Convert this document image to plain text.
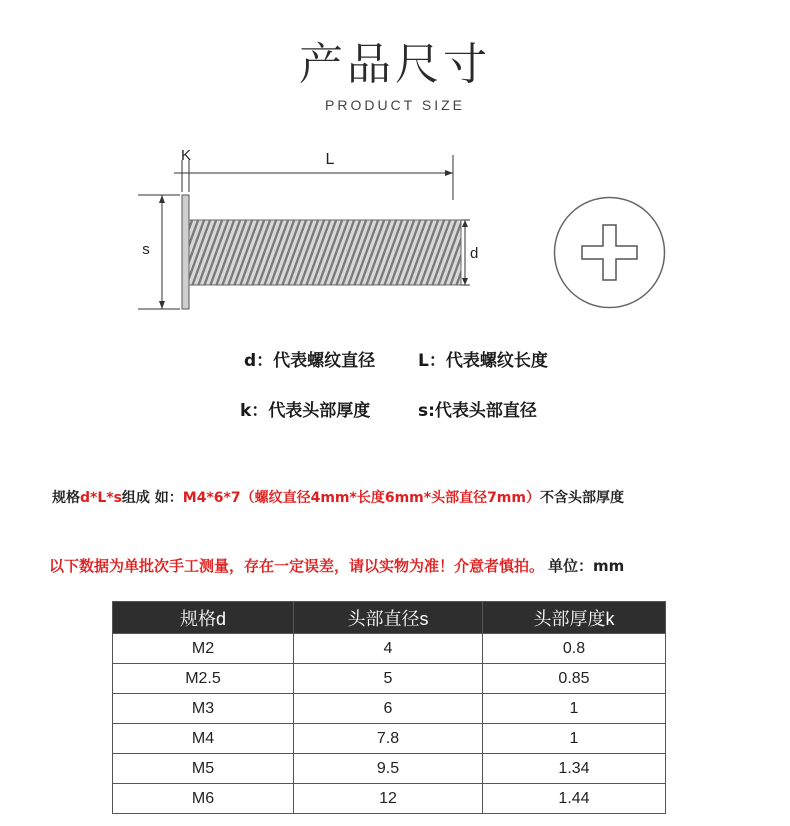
产品尺寸
PRODUCT SIZE
K	L
s	d
d：代表螺纹直径	L：代表螺纹长度
k：代表头部厚度	s:代表头部直径
规格d*L*s组成 如：M4*6*7（螺纹直径4mm*长度6mm*头部直径7mm）不含头部厚度
以下数据为单批次手工测量，存在一定误差，请以实物为准！介意者慎拍。 单位：mm
规格d	头部直径s	头部厚度k
M2	4	0.8
M2.5	5	0.85
M3	6	1
M4	7.8	1
M5	9.5	1.34
M6	12	1.44
